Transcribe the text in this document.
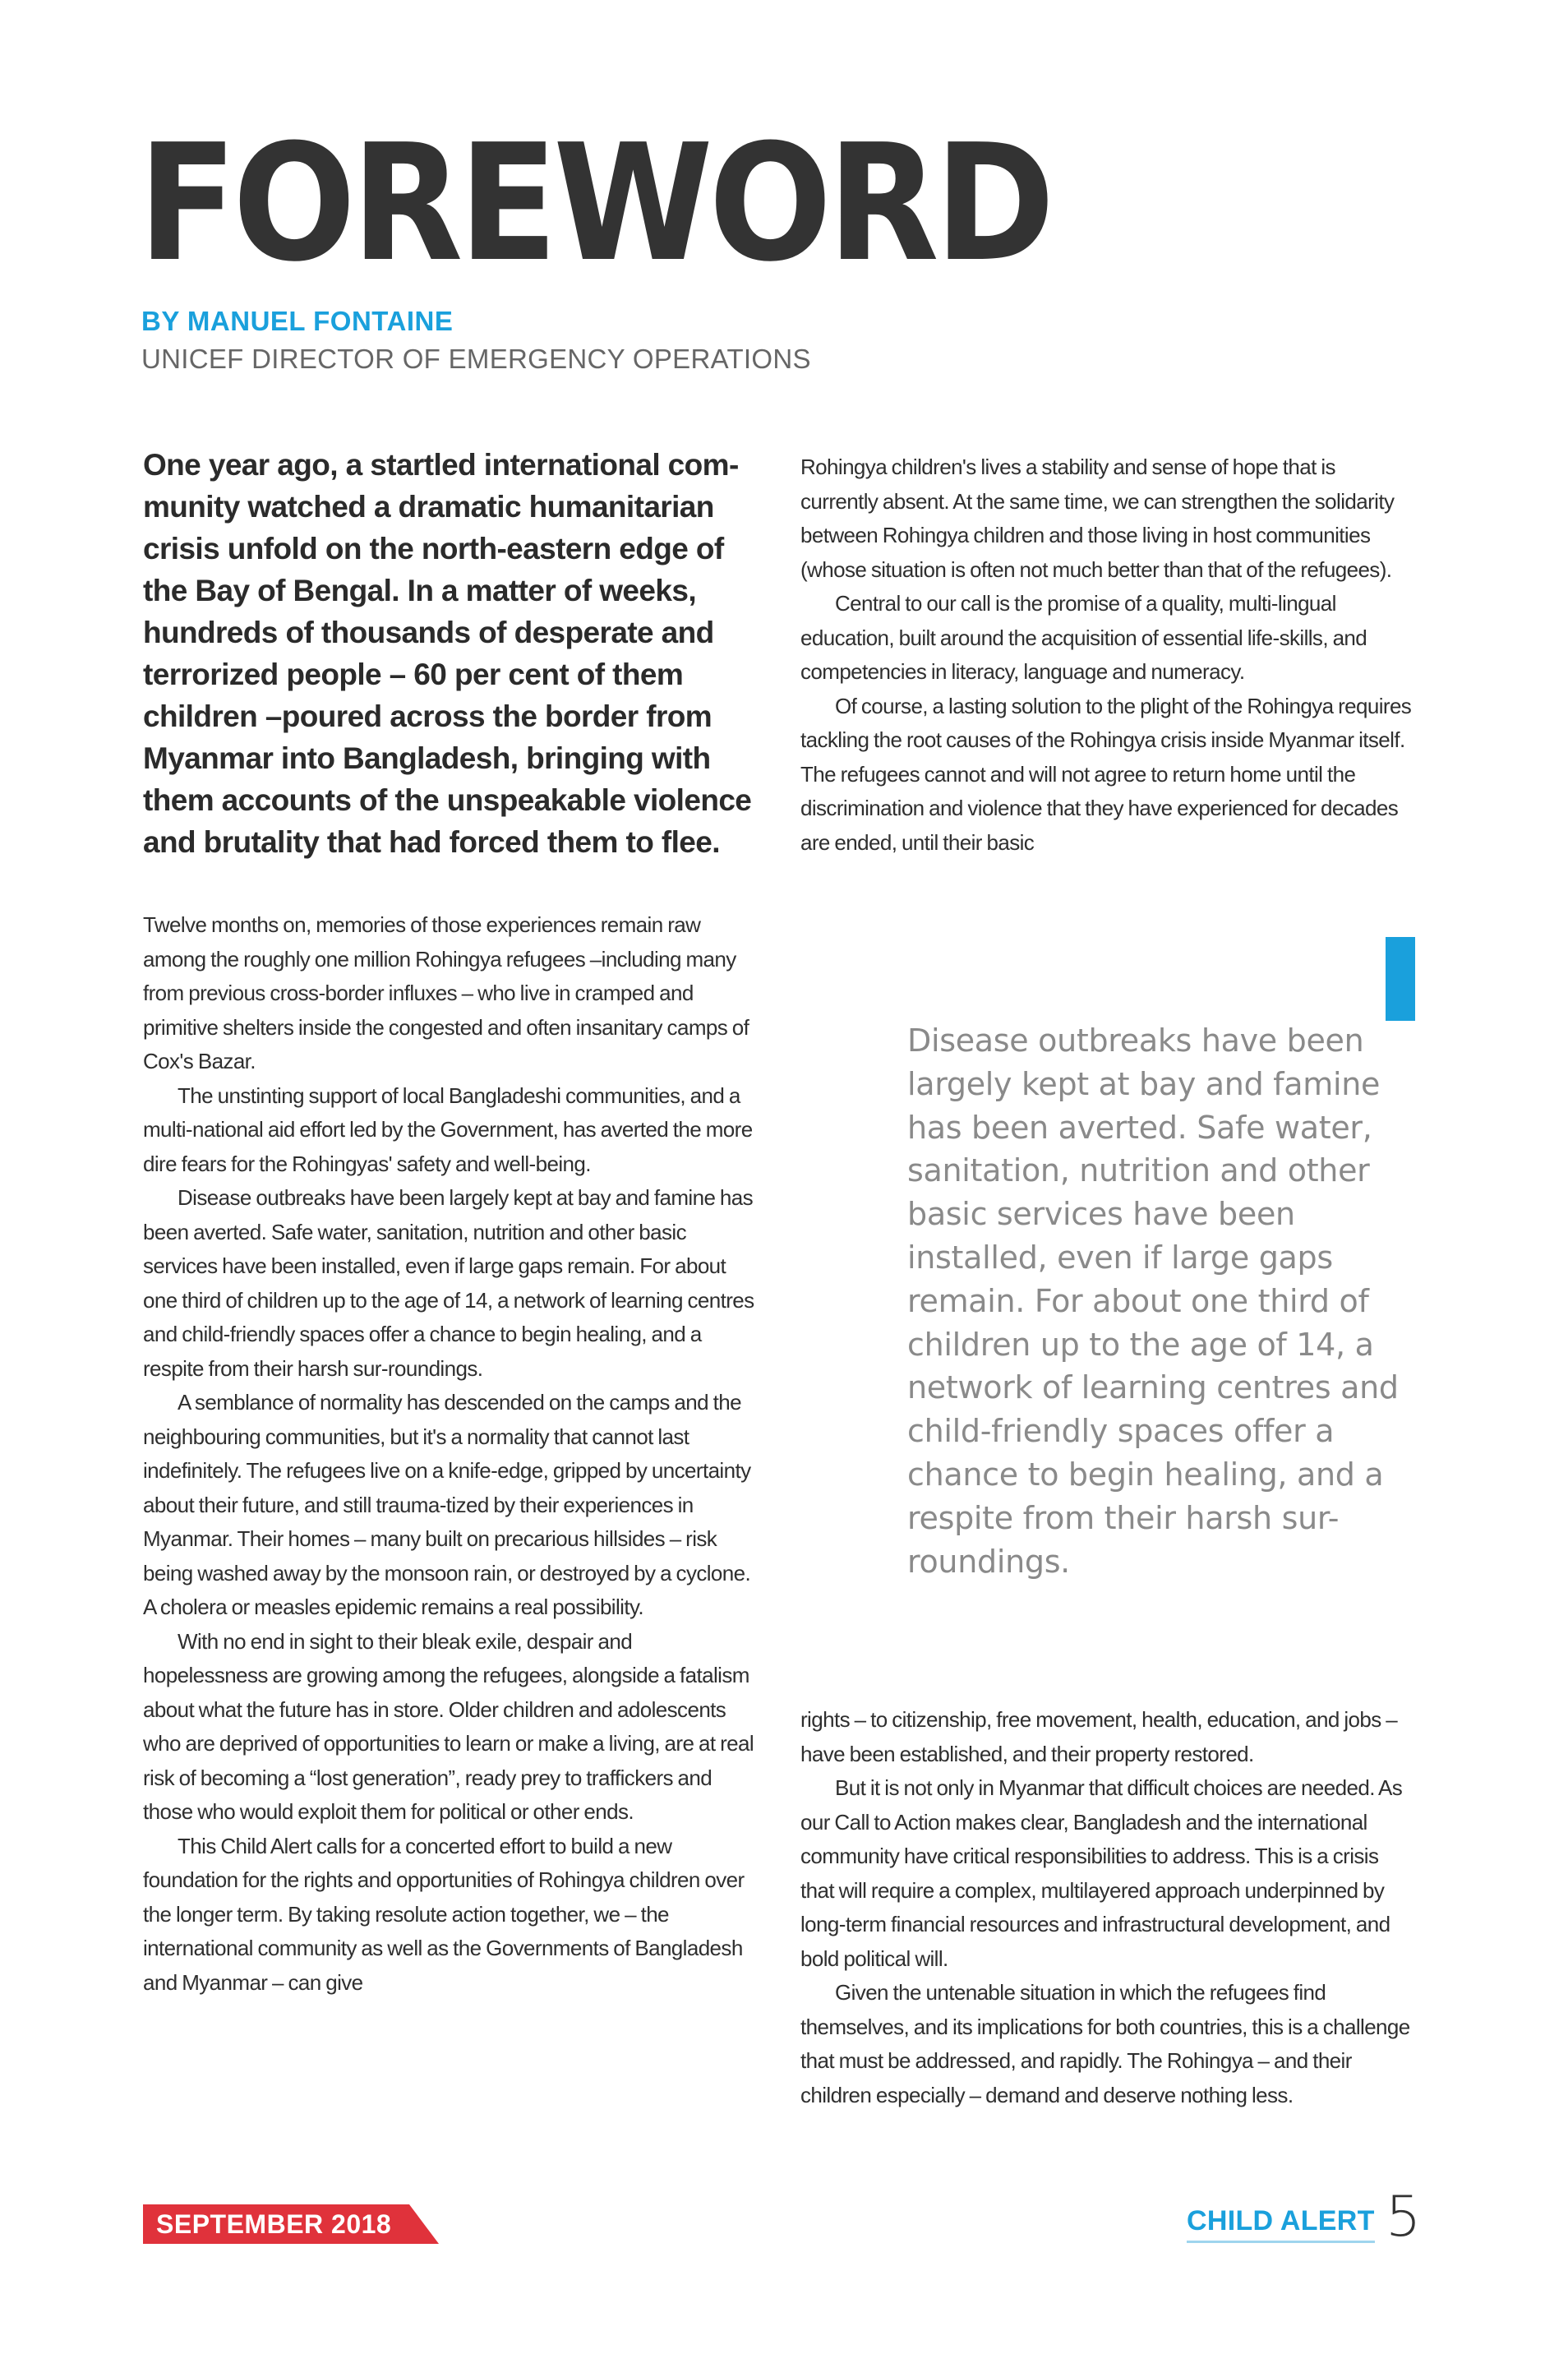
FOREWORD
BY MANUEL FONTAINE
UNICEF DIRECTOR OF EMERGENCY OPERATIONS

One year ago, a startled international com-munity watched a dramatic humanitarian crisis unfold on the north-eastern edge of the Bay of Bengal. In a matter of weeks, hundreds of thousands of desperate and terrorized people – 60 per cent of them children –poured across the border from Myanmar into Bangladesh, bringing with them accounts of the unspeakable violence and brutality that had forced them to flee.

Twelve months on, memories of those experiences remain raw among the roughly one million Rohingya refugees –including many from previous cross-border influxes – who live in cramped and primitive shelters inside the congested and often insanitary camps of Cox's Bazar.

The unstinting support of local Bangladeshi communities, and a multi-national aid effort led by the Government, has averted the more dire fears for the Rohingyas' safety and well-being.

Disease outbreaks have been largely kept at bay and famine has been averted. Safe water, sanitation, nutrition and other basic services have been installed, even if large gaps remain. For about one third of children up to the age of 14, a network of learning centres and child-friendly spaces offer a chance to begin healing, and a respite from their harsh sur-roundings.

A semblance of normality has descended on the camps and the neighbouring communities, but it's a normality that cannot last indefinitely. The refugees live on a knife-edge, gripped by uncertainty about their future, and still trauma-tized by their experiences in Myanmar. Their homes – many built on precarious hillsides – risk being washed away by the monsoon rain, or destroyed by a cyclone. A cholera or measles epidemic remains a real possibility.

With no end in sight to their bleak exile, despair and hopelessness are growing among the refugees, alongside a fatalism about what the future has in store. Older children and adolescents who are deprived of opportunities to learn or make a living, are at real risk of becoming a “lost generation”, ready prey to traffickers and those who would exploit them for political or other ends.

This Child Alert calls for a concerted effort to build a new foundation for the rights and opportunities of Rohingya children over the longer term. By taking resolute action together, we – the international community as well as the Governments of Bangladesh and Myanmar – can give

Rohingya children's lives a stability and sense of hope that is currently absent. At the same time, we can strengthen the solidarity between Rohingya children and those living in host communities (whose situation is often not much better than that of the refugees).

Central to our call is the promise of a quality, multi-lingual education, built around the acquisition of essential life-skills, and competencies in literacy, language and numeracy.

Of course, a lasting solution to the plight of the Rohingya requires tackling the root causes of the Rohingya crisis inside Myanmar itself. The refugees cannot and will not agree to return home until the discrimination and violence that they have experienced for decades are ended, until their basic

Disease outbreaks have been largely kept at bay and famine has been averted. Safe water, sanitation, nutrition and other basic services have been installed, even if large gaps remain. For about one third of children up to the age of 14, a network of learning centres and child-friendly spaces offer a chance to begin healing, and a respite from their harsh sur-roundings.

rights – to citizenship, free movement, health, education, and jobs – have been established, and their property restored.

But it is not only in Myanmar that difficult choices are needed. As our Call to Action makes clear, Bangladesh and the international community have critical responsibilities to address. This is a crisis that will require a complex, multilayered approach underpinned by long-term financial resources and infrastructural development, and bold political will.

Given the untenable situation in which the refugees find themselves, and its implications for both countries, this is a challenge that must be addressed, and rapidly. The Rohingya – and their children especially – demand and deserve nothing less.

SEPTEMBER 2018	CHILD ALERT 5
